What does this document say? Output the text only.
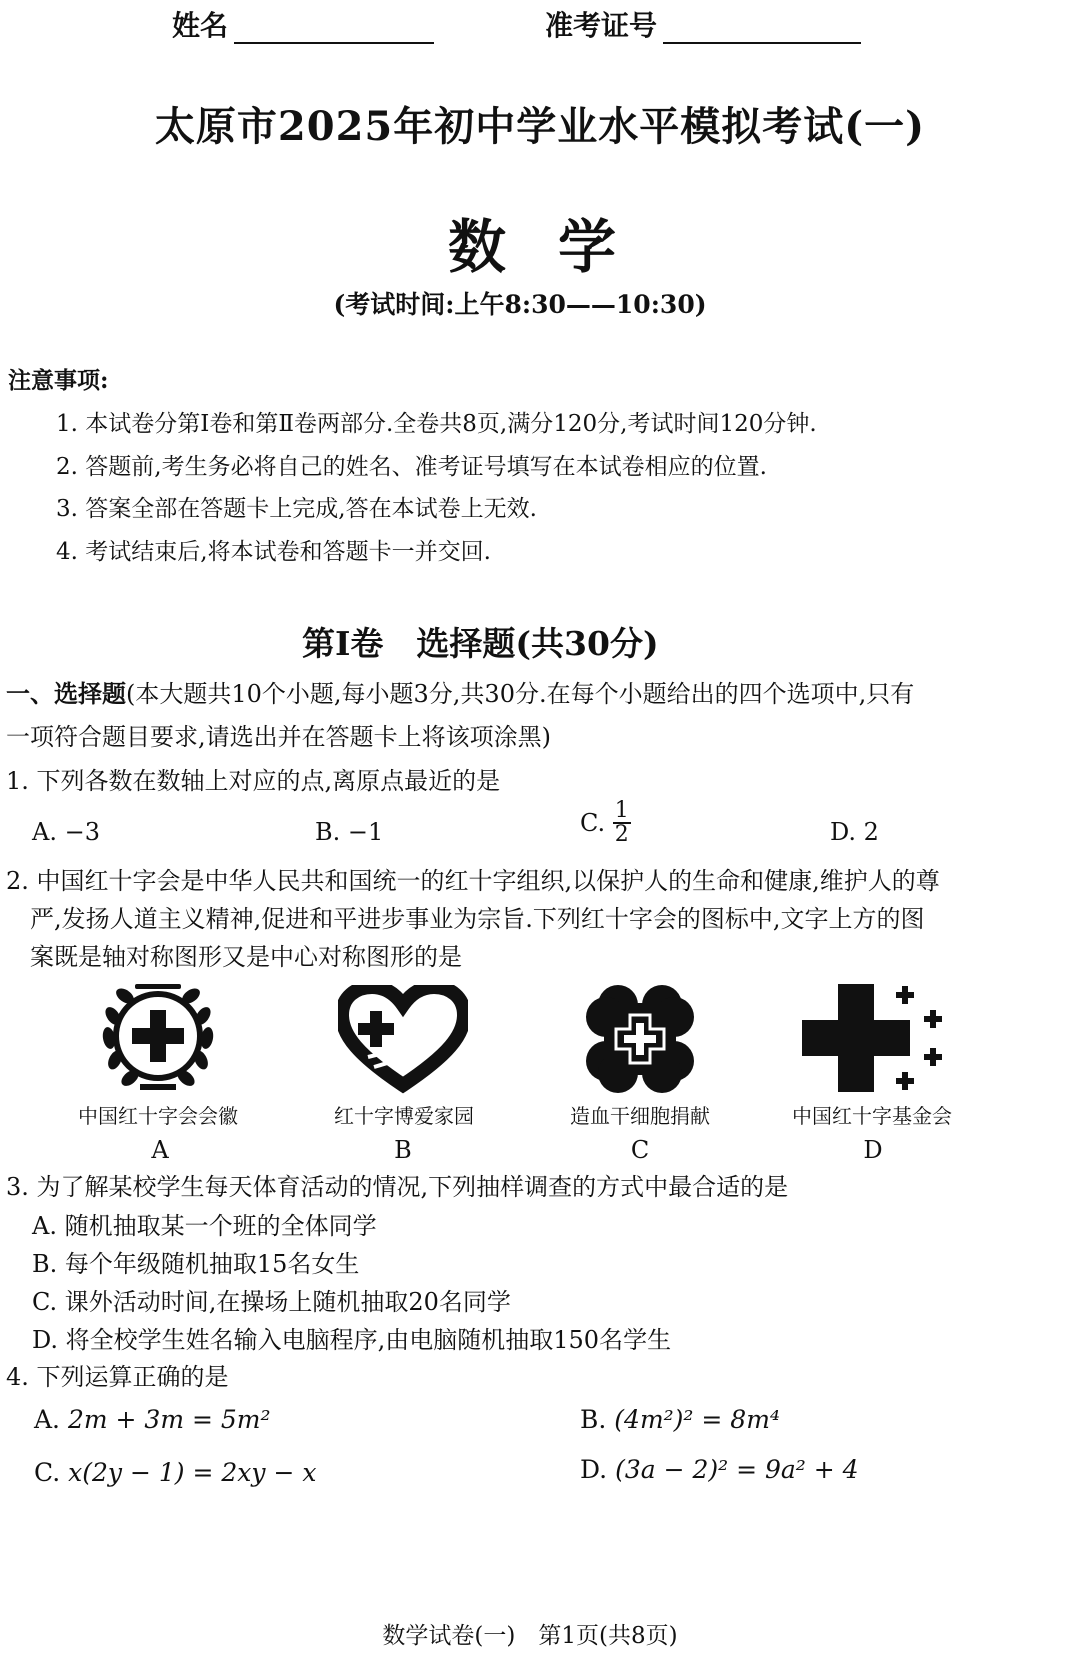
姓名	准考证号
太原市2025年初中学业水平模拟考试(一)
数学
(考试时间:上午8:30——10:30)
注意事项:
1. 本试卷分第Ⅰ卷和第Ⅱ卷两部分.全卷共8页,满分120分,考试时间120分钟.
2. 答题前,考生务必将自己的姓名、准考证号填写在本试卷相应的位置.
3. 答案全部在答题卡上完成,答在本试卷上无效.
4. 考试结束后,将本试卷和答题卡一并交回.
第Ⅰ卷　选择题(共30分)
一、选择题(本大题共10个小题,每小题3分,共30分.在每个小题给出的四个选项中,只有
一项符合题目要求,请选出并在答题卡上将该项涂黑)
1. 下列各数在数轴上对应的点,离原点最近的是
A. −3	B. −1	C. $\frac{1}{2}$	D. 2
2. 中国红十字会是中华人民共和国统一的红十字组织,以保护人的生命和健康,维护人的尊
严,发扬人道主义精神,促进和平进步事业为宗旨.下列红十字会的图标中,文字上方的图
案既是轴对称图形又是中心对称图形的是
中国红十字会会徽	红十字博爱家园	造血干细胞捐献	中国红十字基金会
A	B	C	D
3. 为了解某校学生每天体育活动的情况,下列抽样调查的方式中最合适的是
A. 随机抽取某一个班的全体同学
B. 每个年级随机抽取15名女生
C. 课外活动时间,在操场上随机抽取20名同学
D. 将全校学生姓名输入电脑程序,由电脑随机抽取150名学生
4. 下列运算正确的是
A. 2m + 3m = 5m²	B. (4m²)² = 8m⁴
C. x(2y − 1) = 2xy − x	D. (3a − 2)² = 9a² + 4
数学试卷(一)　第1页(共8页)
